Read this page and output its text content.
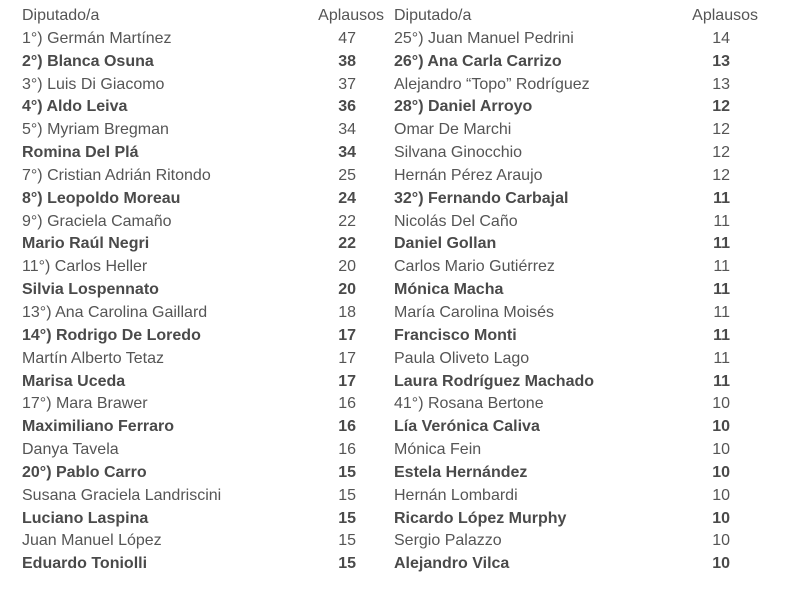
Diputado/a	Aplausos
1°) Germán Martínez	47
2°) Blanca Osuna	38
3°) Luis Di Giacomo	37
4°) Aldo Leiva	36
5°) Myriam Bregman	34
Romina Del Plá	34
7°) Cristian Adrián Ritondo	25
8°) Leopoldo Moreau	24
9°) Graciela Camaño	22
Mario Raúl Negri	22
11°) Carlos Heller	20
Silvia Lospennato	20
13°) Ana Carolina Gaillard	18
14°) Rodrigo De Loredo	17
Martín Alberto Tetaz	17
Marisa Uceda	17
17°) Mara Brawer	16
Maximiliano Ferraro	16
Danya Tavela	16
20°) Pablo Carro	15
Susana Graciela Landriscini	15
Luciano Laspina	15
Juan Manuel López	15
Eduardo Toniolli	15
Diputado/a	Aplausos
25°) Juan Manuel Pedrini	14
26°) Ana Carla Carrizo	13
Alejandro “Topo” Rodríguez	13
28°) Daniel Arroyo	12
Omar De Marchi	12
Silvana Ginocchio	12
Hernán Pérez Araujo	12
32°) Fernando Carbajal	11
Nicolás Del Caño	11
Daniel Gollan	11
Carlos Mario Gutiérrez	11
Mónica Macha	11
María Carolina Moisés	11
Francisco Monti	11
Paula Oliveto Lago	11
Laura Rodríguez Machado	11
41°) Rosana Bertone	10
Lía Verónica Caliva	10
Mónica Fein	10
Estela Hernández	10
Hernán Lombardi	10
Ricardo López Murphy	10
Sergio Palazzo	10
Alejandro Vilca	10
